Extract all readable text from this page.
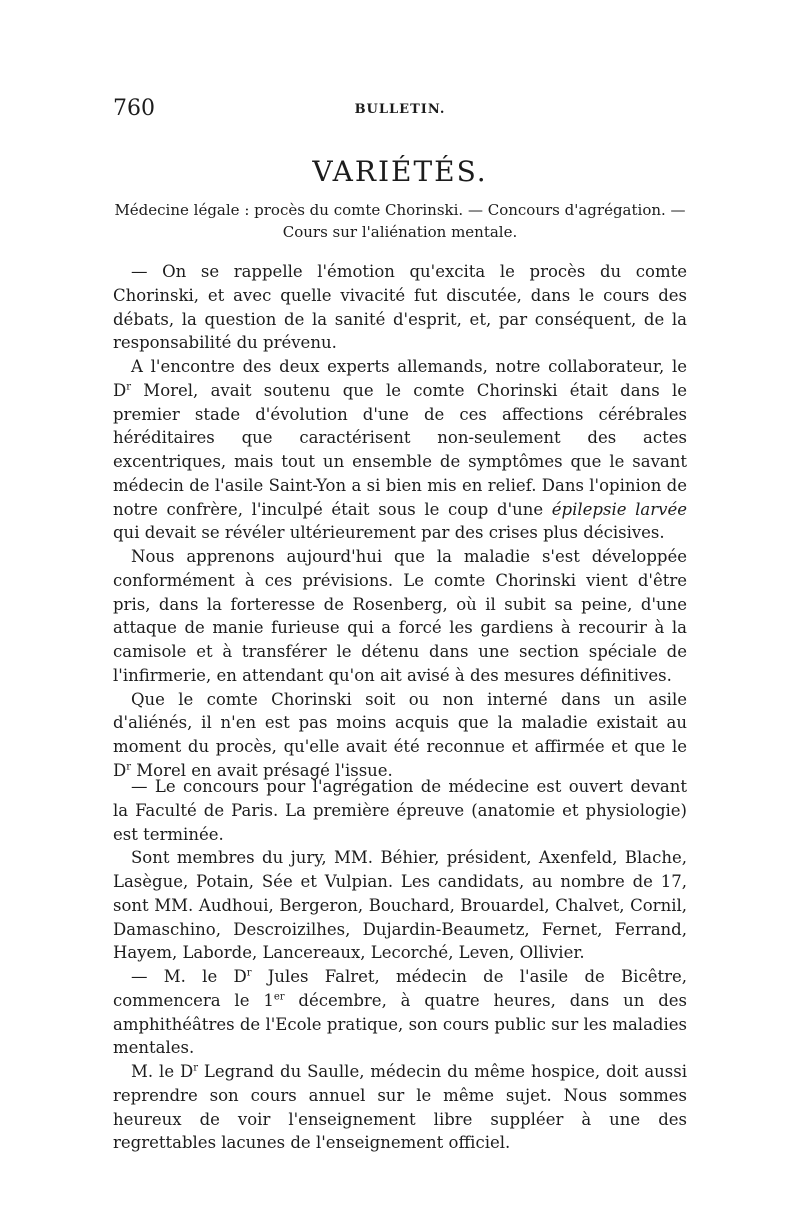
760	BULLETIN.
VARIÉTÉS.
Médecine légale : procès du comte Chorinski. — Concours d'agrégation. — Cours sur l'aliénation mentale.

— On se rappelle l'émotion qu'excita le procès du comte Chorinski, et avec quelle vivacité fut discutée, dans le cours des débats, la question de la sanité d'esprit, et, par conséquent, de la responsabilité du prévenu.

A l'encontre des deux experts allemands, notre collaborateur, le $D^r$ Morel, avait soutenu que le comte Chorinski était dans le premier stade d'évolution d'une de ces affections cérébrales héréditaires que caractérisent non-seulement des actes excentriques, mais tout un ensemble de symptômes que le savant médecin de l'asile Saint-Yon a si bien mis en relief. Dans l'opinion de notre confrère, l'inculpé était sous le coup d'une épilepsie larvée qui devait se révéler ultérieurement par des crises plus décisives.

Nous apprenons aujourd'hui que la maladie s'est développée conformément à ces prévisions. Le comte Chorinski vient d'être pris, dans la forteresse de Rosenberg, où il subit sa peine, d'une attaque de manie furieuse qui a forcé les gardiens à recourir à la camisole et à transférer le détenu dans une section spéciale de l'infirmerie, en attendant qu'on ait avisé à des mesures définitives.

Que le comte Chorinski soit ou non interné dans un asile d'aliénés, il n'en est pas moins acquis que la maladie existait au moment du procès, qu'elle avait été reconnue et affirmée et que le $D^r$ Morel en avait présagé l'issue.

— Le concours pour l'agrégation de médecine est ouvert devant la Faculté de Paris. La première épreuve (anatomie et physiologie) est terminée.

Sont membres du jury, MM. Béhier, président, Axenfeld, Blache, Lasègue, Potain, Sée et Vulpian. Les candidats, au nombre de 17, sont MM. Audhoui, Bergeron, Bouchard, Brouardel, Chalvet, Cornil, Damaschino, Descroizilhes, Dujardin-Beaumetz, Fernet, Ferrand, Hayem, Laborde, Lancereaux, Lecorché, Leven, Ollivier.

— M. le $D^r$ Jules Falret, médecin de l'asile de Bicêtre, commencera le 1er décembre, à quatre heures, dans un des amphithéâtres de l'Ecole pratique, son cours public sur les maladies mentales.

M. le $D^r$ Legrand du Saulle, médecin du même hospice, doit aussi reprendre son cours annuel sur le même sujet. Nous sommes heureux de voir l'enseignement libre suppléer à une des regrettables lacunes de l'enseignement officiel.
